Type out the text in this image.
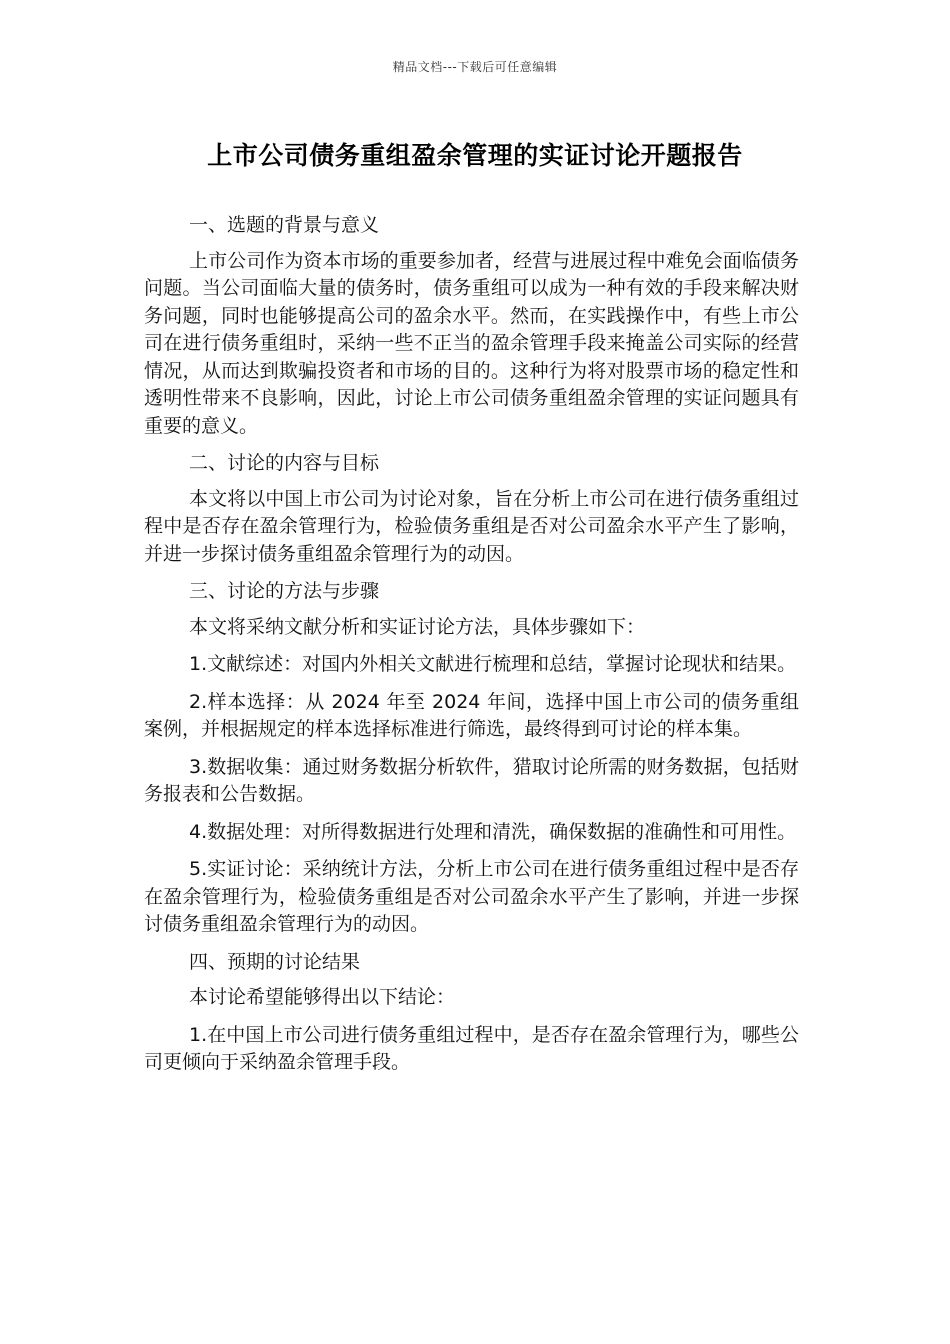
精品文档---下载后可任意编辑
上市公司债务重组盈余管理的实证讨论开题报告

一、选题的背景与意义

上市公司作为资本市场的重要参加者，经营与进展过程中难免会面临债务问题。当公司面临大量的债务时，债务重组可以成为一种有效的手段来解决财务问题，同时也能够提高公司的盈余水平。然而，在实践操作中，有些上市公司在进行债务重组时，采纳一些不正当的盈余管理手段来掩盖公司实际的经营情况，从而达到欺骗投资者和市场的目的。这种行为将对股票市场的稳定性和透明性带来不良影响，因此，讨论上市公司债务重组盈余管理的实证问题具有重要的意义。

二、讨论的内容与目标

本文将以中国上市公司为讨论对象，旨在分析上市公司在进行债务重组过程中是否存在盈余管理行为，检验债务重组是否对公司盈余水平产生了影响，并进一步探讨债务重组盈余管理行为的动因。

三、讨论的方法与步骤

本文将采纳文献分析和实证讨论方法，具体步骤如下：

1.文献综述：对国内外相关文献进行梳理和总结，掌握讨论现状和结果。

2.样本选择：从 2024 年至 2024 年间，选择中国上市公司的债务重组案例，并根据规定的样本选择标准进行筛选，最终得到可讨论的样本集。

3.数据收集：通过财务数据分析软件，猎取讨论所需的财务数据，包括财务报表和公告数据。

4.数据处理：对所得数据进行处理和清洗，确保数据的准确性和可用性。

5.实证讨论：采纳统计方法，分析上市公司在进行债务重组过程中是否存在盈余管理行为，检验债务重组是否对公司盈余水平产生了影响，并进一步探讨债务重组盈余管理行为的动因。

四、预期的讨论结果

本讨论希望能够得出以下结论：

1.在中国上市公司进行债务重组过程中，是否存在盈余管理行为，哪些公司更倾向于采纳盈余管理手段。
